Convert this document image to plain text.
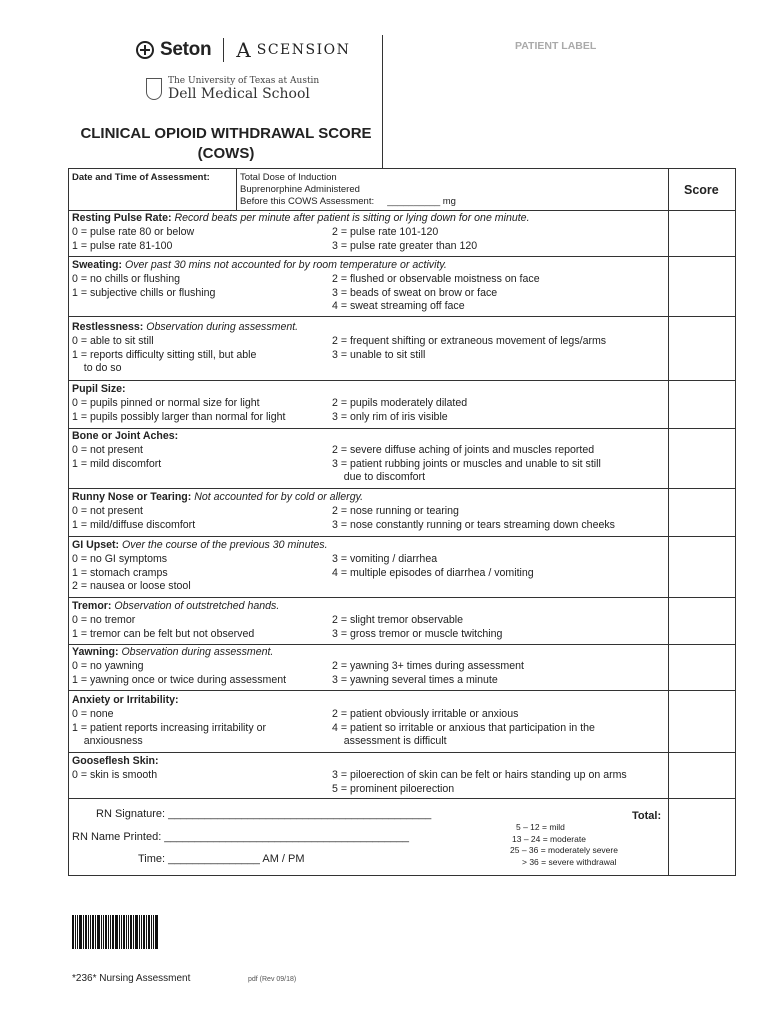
Seton A SCENSION
The University of Texas at Austin
Dell Medical School
CLINICAL OPIOID WITHDRAWAL SCORE
(COWS)
PATIENT LABEL
Date and Time of Assessment:	Total Dose of Induction
Buprenorphine Administered
Before this COWS Assessment:     __________ mg
Score
Resting Pulse Rate: Record beats per minute after patient is sitting or lying down for one minute.
0 = pulse rate 80 or below	2 = pulse rate 101-120
1 = pulse rate 81-100	3 = pulse rate greater than 120
Sweating: Over past 30 mins not accounted for by room temperature or activity.
0 = no chills or flushing	2 = flushed or observable moistness on face
1 = subjective chills or flushing	3 = beads of sweat on brow or face
4 = sweat streaming off face
Restlessness: Observation during assessment.
0 = able to sit still	2 = frequent shifting or extraneous movement of legs/arms
1 = reports difficulty sitting still, but able	3 = unable to sit still
to do so
Pupil Size:
0 = pupils pinned or normal size for light	2 = pupils moderately dilated
1 = pupils possibly larger than normal for light	3 = only rim of iris visible
Bone or Joint Aches:
0 = not present	2 = severe diffuse aching of joints and muscles reported
1 = mild discomfort	3 = patient rubbing joints or muscles and unable to sit still
due to discomfort
Runny Nose or Tearing: Not accounted for by cold or allergy.
0 = not present	2 = nose running or tearing
1 = mild/diffuse discomfort	3 = nose constantly running or tears streaming down cheeks
GI Upset: Over the course of the previous 30 minutes.
0 = no GI symptoms	3 = vomiting / diarrhea
1 = stomach cramps	4 = multiple episodes of diarrhea / vomiting
2 = nausea or loose stool
Tremor: Observation of outstretched hands.
0 = no tremor	2 = slight tremor observable
1 = tremor can be felt but not observed	3 = gross tremor or muscle twitching
Yawning: Observation during assessment.
0 = no yawning	2 = yawning 3+ times during assessment
1 = yawning once or twice during assessment	3 = yawning several times a minute
Anxiety or Irritability:
0 = none	2 = patient obviously irritable or anxious
1 = patient reports increasing irritability or	4 = patient so irritable or anxious that participation in the
anxiousness	assessment is difficult
Gooseflesh Skin:
0 = skin is smooth	3 = piloerection of skin can be felt or hairs standing up on arms
5 = prominent piloerection
RN Signature: ___________________________________________
RN Name Printed: ________________________________________
Time: _______________ AM / PM
Total:
5 – 12 = mild
13 – 24 = moderate
25 – 36 = moderately severe
> 36 = severe withdrawal
*236* Nursing Assessment	pdf (Rev 09/18)
